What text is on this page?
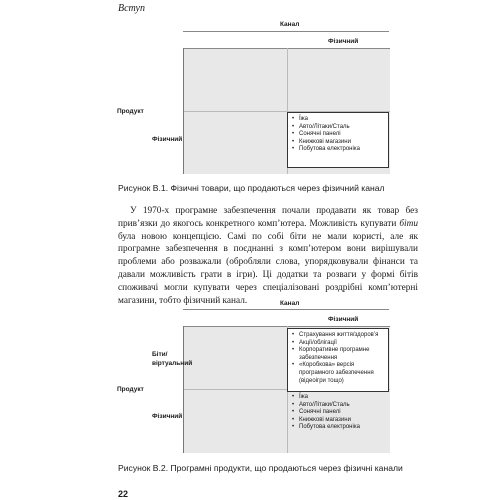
Вступ
Канал
Фізичний
Продукт
Фізичний
• Їжа
• Авто/Літаки/Сталь
• Сонячні панелі
• Книжкові магазини
• Побутова електроніка
Рисунок В.1. Фізичні товари, що продаються через фізичний канал
У 1970-х програмне забезпечення почали продавати як товар без прив’язки до якогось конкретного комп’ютера. Можливість купувати біти була новою концепцією. Самі по собі біти не мали користі, але як програмне забезпечення в поєднанні з комп’ютером вони вирішували проблеми або розважали (обробляли слова, упорядковували фінанси та давали можливість грати в ігри). Ці додатки та розваги у формі бітів споживачі могли купувати через спеціалізовані роздрібні комп’ютерні магазини, тобто фізичний канал.	Канал
Фізичний
Біти/
віртуальний
Продукт
Фізичний
• Страхування життя/здоров’я
• Акції/облігації
• Корпоративне програмне забезпечення
• «Коробкова» версія програмного забезпечення (відеоігри тощо)
• Їжа
• Авто/Літаки/Сталь
• Сонячні панелі
• Книжкові магазини
• Побутова електроніка
Рисунок В.2. Програмні продукти, що продаються через фізичні канали
22
